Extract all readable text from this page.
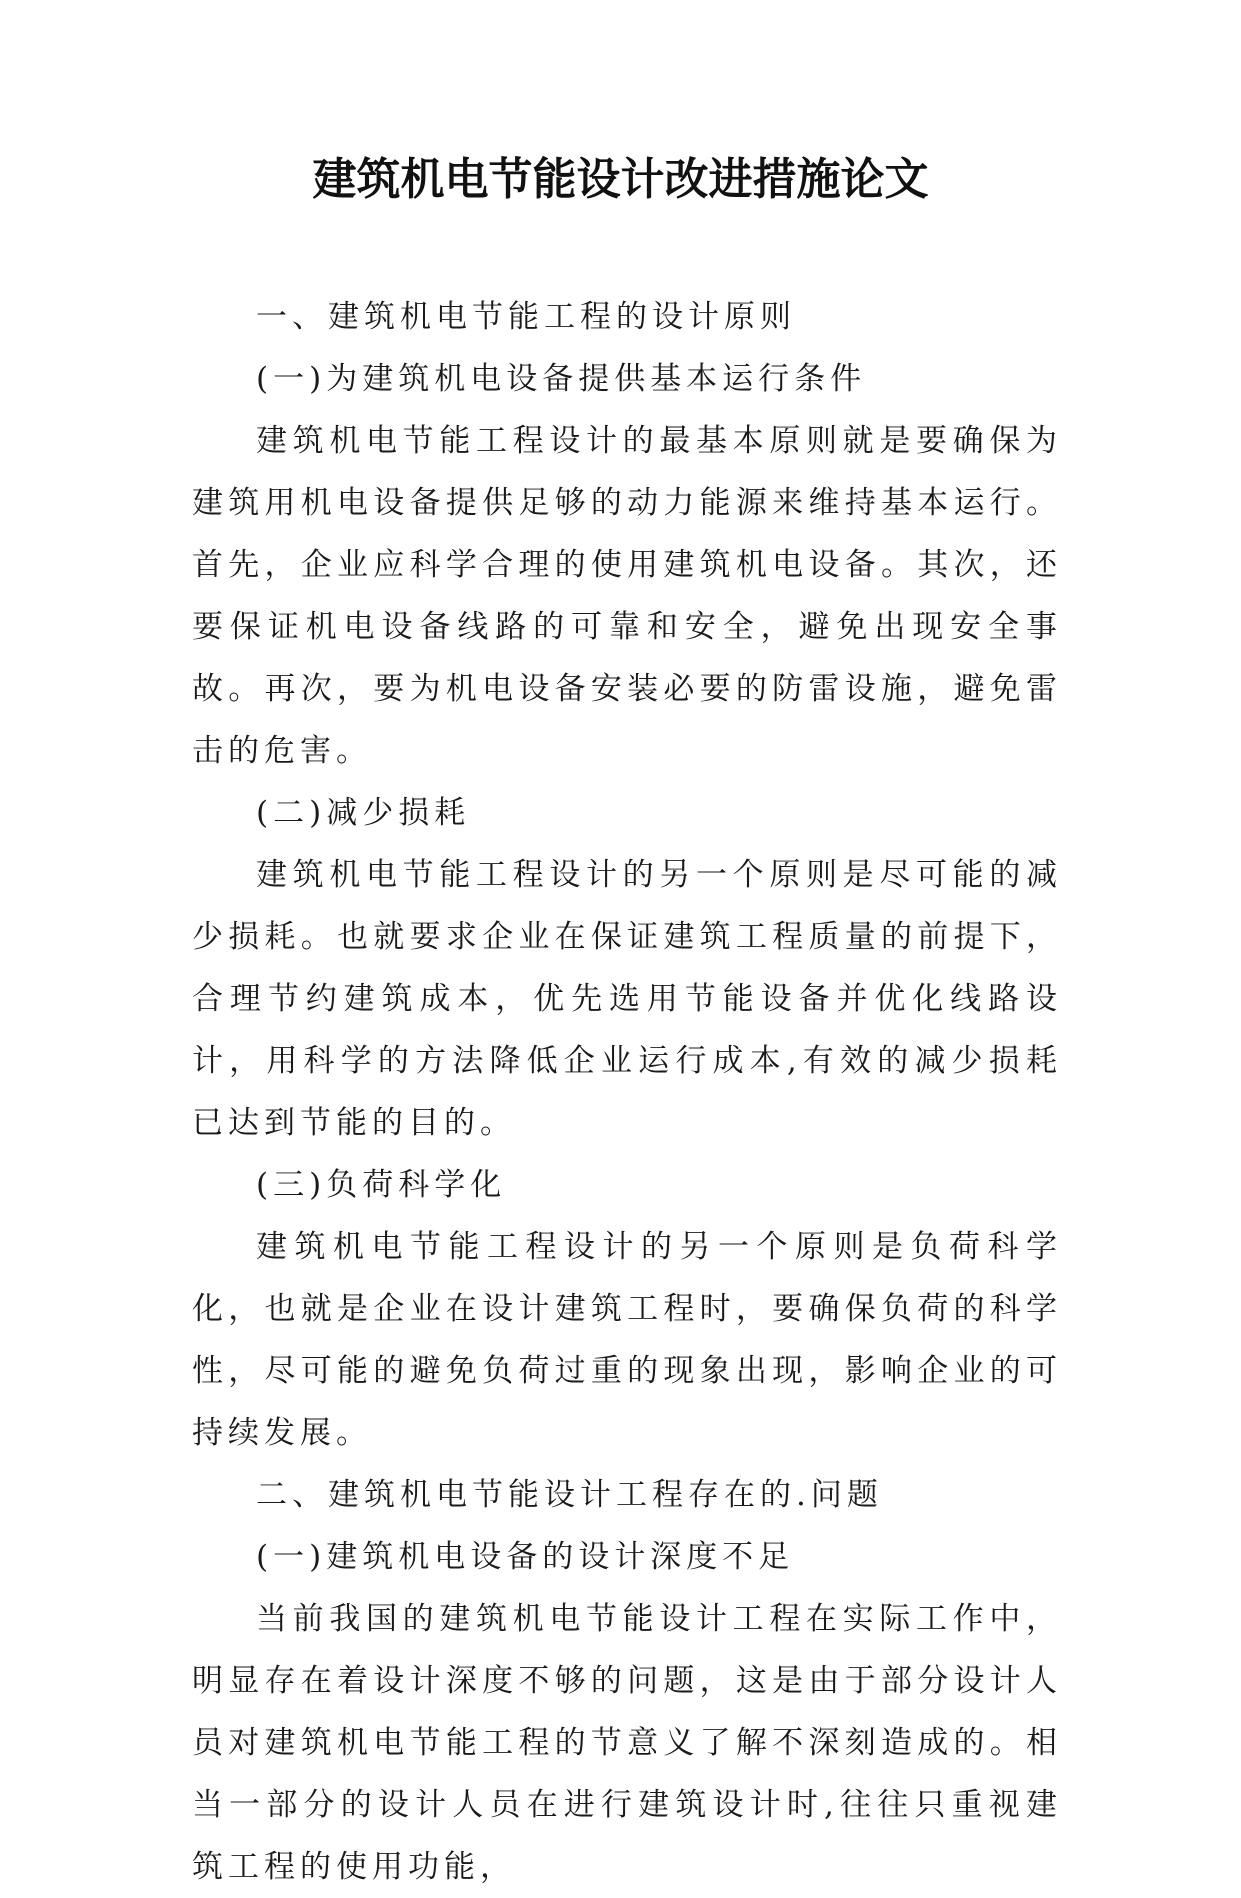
建筑机电节能设计改进措施论文

一、建筑机电节能工程的设计原则

(一)为建筑机电设备提供基本运行条件

建筑机电节能工程设计的最基本原则就是要确保为建筑用机电设备提供足够的动力能源来维持基本运行。首先，企业应科学合理的使用建筑机电设备。其次，还要保证机电设备线路的可靠和安全，避免出现安全事故。再次，要为机电设备安装必要的防雷设施，避免雷击的危害。

(二)减少损耗

建筑机电节能工程设计的另一个原则是尽可能的减少损耗。也就要求企业在保证建筑工程质量的前提下，合理节约建筑成本，优先选用节能设备并优化线路设计，用科学的方法降低企业运行成本,有效的减少损耗已达到节能的目的。

(三)负荷科学化

建筑机电节能工程设计的另一个原则是负荷科学化，也就是企业在设计建筑工程时，要确保负荷的科学性，尽可能的避免负荷过重的现象出现，影响企业的可持续发展。

二、建筑机电节能设计工程存在的.问题

(一)建筑机电设备的设计深度不足

当前我国的建筑机电节能设计工程在实际工作中，明显存在着设计深度不够的问题，这是由于部分设计人员对建筑机电节能工程的节意义了解不深刻造成的。相当一部分的设计人员在进行建筑设计时,往往只重视建筑工程的使用功能，
